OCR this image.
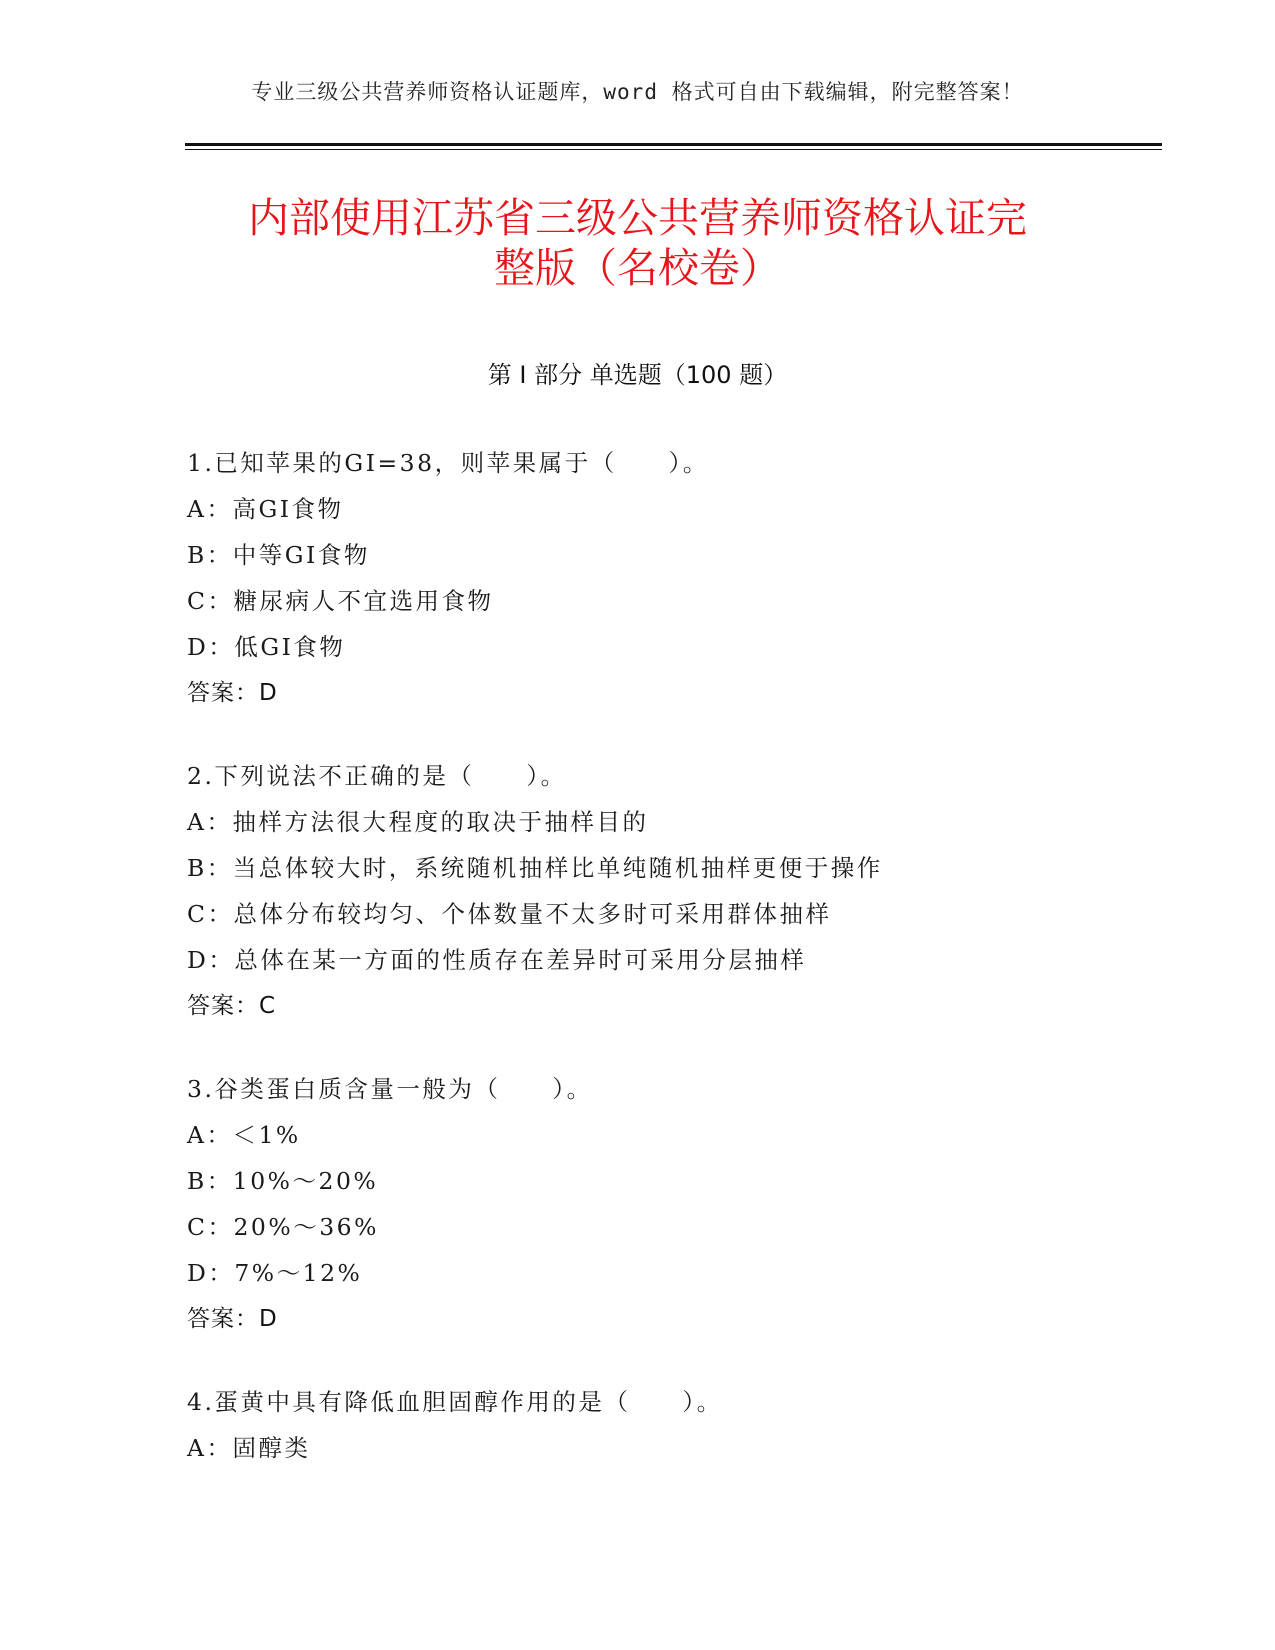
专业三级公共营养师资格认证题库，word 格式可自由下载编辑，附完整答案！
内部使用江苏省三级公共营养师资格认证完
整版（名校卷）
第 I 部分 单选题（100 题）
1.已知苹果的GI=38，则苹果属于（　　）。
A：高GI食物
B：中等GI食物
C：糖尿病人不宜选用食物
D：低GI食物
答案：D
2.下列说法不正确的是（　　）。
A：抽样方法很大程度的取决于抽样目的
B：当总体较大时，系统随机抽样比单纯随机抽样更便于操作
C：总体分布较均匀、个体数量不太多时可采用群体抽样
D：总体在某一方面的性质存在差异时可采用分层抽样
答案：C
3.谷类蛋白质含量一般为（　　）。
A：＜1%
B：10%～20%
C：20%～36%
D：7%～12%
答案：D
4.蛋黄中具有降低血胆固醇作用的是（　　）。
A：固醇类
